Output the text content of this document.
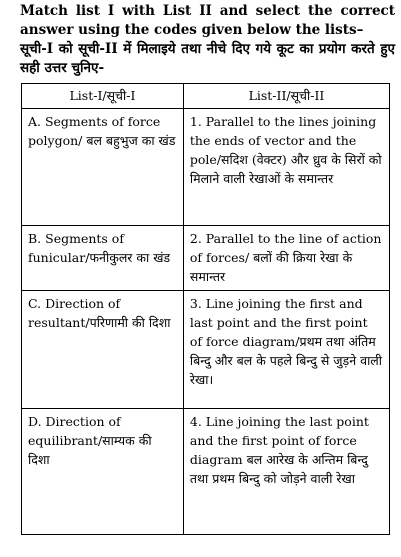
Match list I with List II and select the correct answer using the codes given below the lists–

सूची-I को सूची-II में मिलाइये तथा नीचे दिए गये कूट का प्रयोग करते हुए सही उत्तर चुनिए-

List-I/सूची-I	List-II/सूची-II

A. Segments of force polygon/ बल बहुभुज का खंड	1. Parallel to the lines joining the ends of vector and the pole/सदिश (वेक्टर) और ध्रुव के सिरों को मिलाने वाली रेखाओं के समान्तर

B. Segments of funicular/फनीकुलर का खंड	2. Parallel to the line of action of forces/ बलों की क्रिया रेखा के समान्तर

C. Direction of resultant/परिणामी की दिशा	3. Line joining the first and last point and the first point of force diagram/प्रथम तथा अंतिम बिन्दु और बल के पहले बिन्दु से जुड़ने वाली रेखा।

D. Direction of equilibrant/साम्यक की दिशा	4. Line joining the last point and the first point of force diagram बल आरेख के अन्तिम बिन्दु तथा प्रथम बिन्दु को जोड़ने वाली रेखा
